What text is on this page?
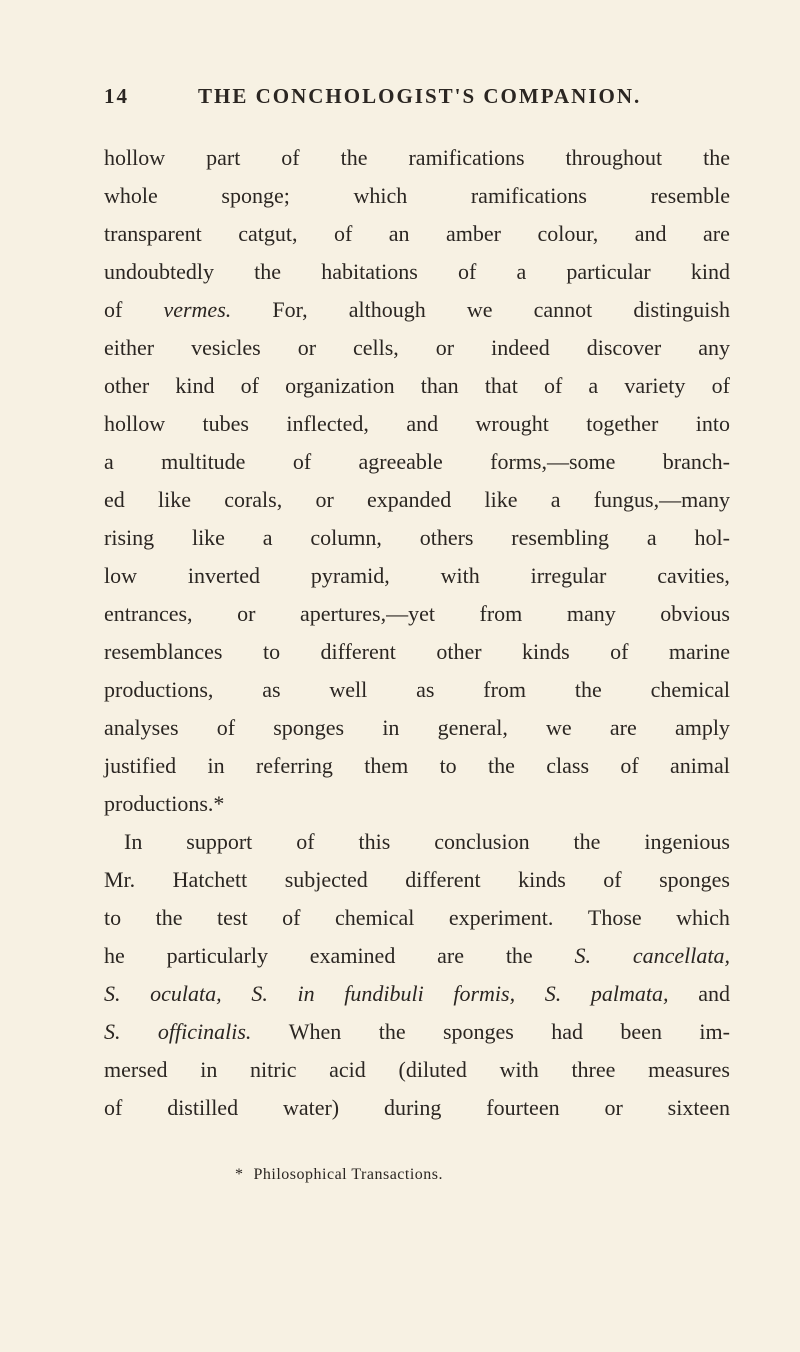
14	THE CONCHOLOGIST'S COMPANION.
hollow part of the ramifications throughout the
whole	sponge;	which	ramifications	resemble
transparent catgut, of an amber colour, and are
undoubtedly the habitations of a particular kind
of vermes. For, although we cannot distinguish
either vesicles or cells, or indeed discover any
other kind of organization than that of a variety of
hollow tubes inflected, and wrought together into
a multitude of agreeable forms,—some branch-
ed like corals, or expanded like a fungus,—many
rising like a column, others resembling a hol-
low inverted pyramid, with irregular cavities,
entrances, or apertures,—yet from many obvious
resemblances to different other kinds of marine
productions, as well as from the chemical
analyses of sponges in general, we are amply
justified in referring them to the class of animal
productions.*
In support of this conclusion the ingenious
Mr. Hatchett subjected different kinds of sponges
to the test of chemical experiment. Those which
he particularly examined are the S. cancellata,
S. oculata, S. in fundibuli formis, S. palmata, and
S. officinalis. When the sponges had been im-
mersed in nitric acid (diluted with three measures
of distilled water) during fourteen or sixteen
* Philosophical Transactions.
